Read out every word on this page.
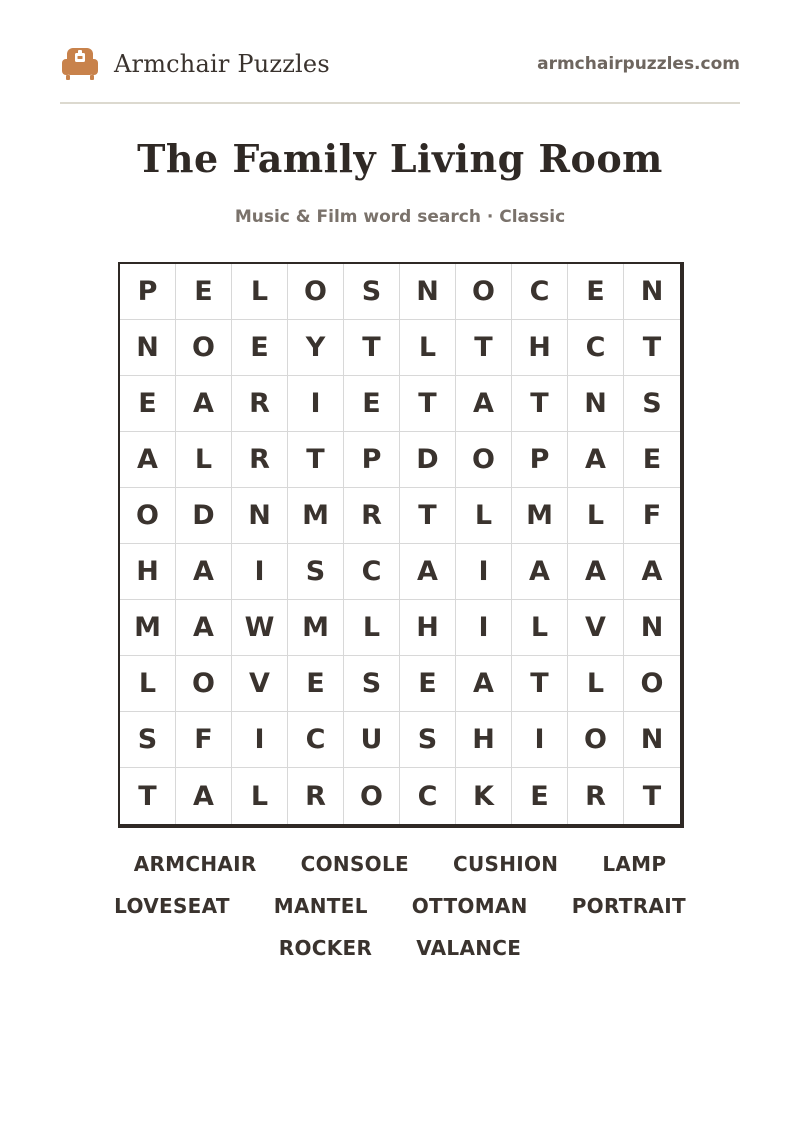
Armchair Puzzles	armchairpuzzles.com
The Family Living Room
Music & Film word search · Classic
P	E	L	O	S	N	O	C	E	N
N	O	E	Y	T	L	T	H	C	T
E	A	R	I	E	T	A	T	N	S
A	L	R	T	P	D	O	P	A	E
O	D	N	M	R	T	L	M	L	F
H	A	I	S	C	A	I	A	A	A
M	A	W	M	L	H	I	L	V	N
L	O	V	E	S	E	A	T	L	O
S	F	I	C	U	S	H	I	O	N
T	A	L	R	O	C	K	E	R	T
ARMCHAIR CONSOLE CUSHION LAMP
LOVESEAT MANTEL OTTOMAN PORTRAIT
ROCKER VALANCE
